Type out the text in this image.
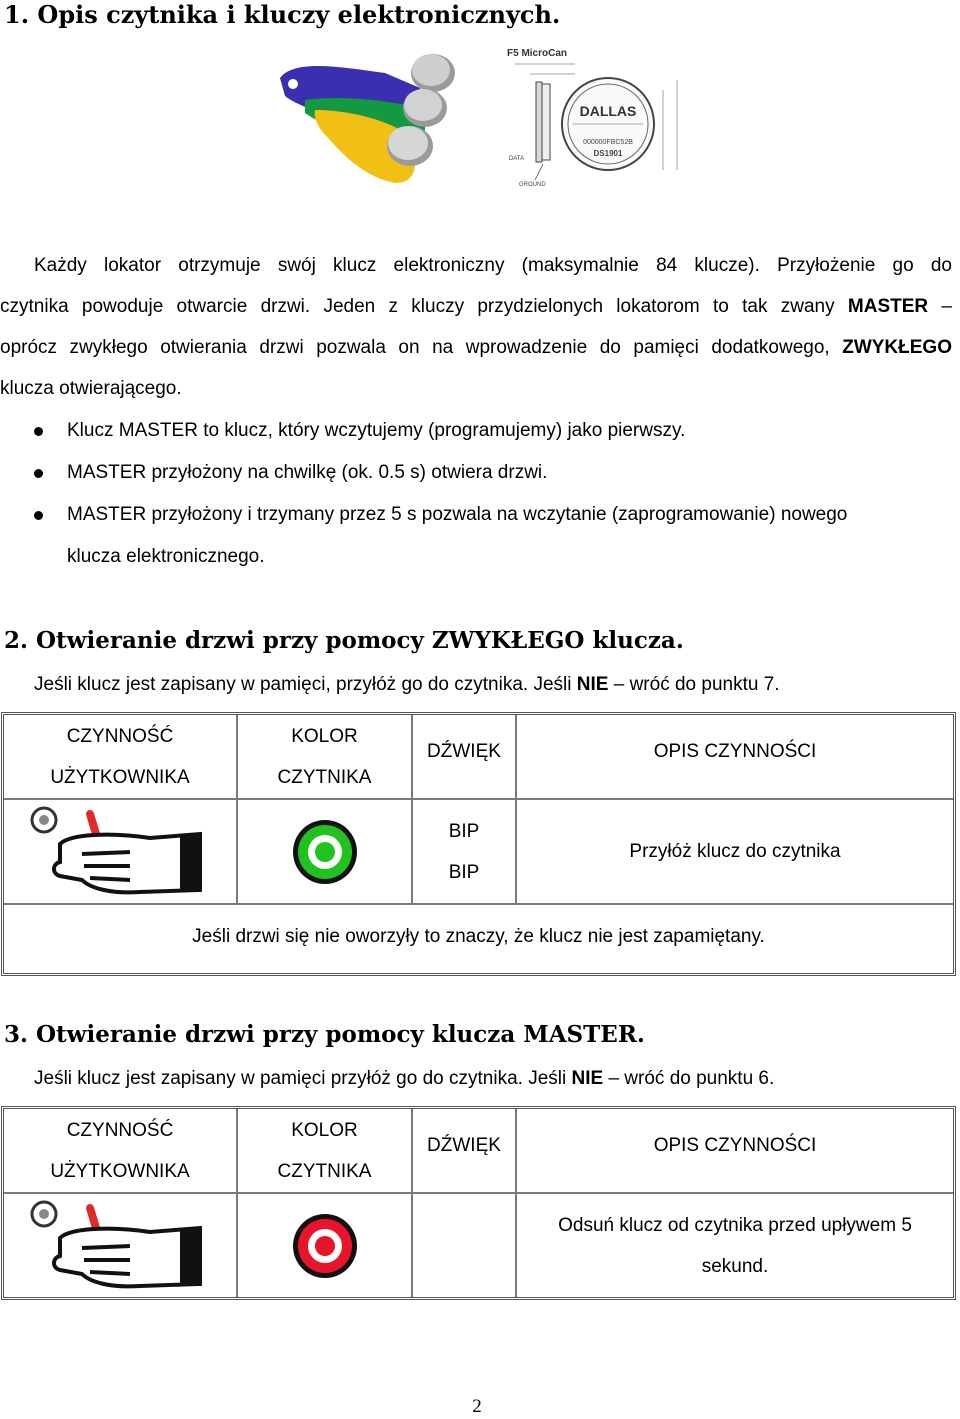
1. Opis czytnika i kluczy elektronicznych.
F5 MicroCan
DATA
GROUND
DALLAS
000000FBC52B
DS1901
Każdy lokator otrzymuje swój klucz elektroniczny (maksymalnie 84 klucze). Przyłożenie go do
czytnika powoduje otwarcie drzwi. Jeden z kluczy przydzielonych lokatorom to tak zwany MASTER –
oprócz zwykłego otwierania drzwi pozwala on na wprowadzenie do pamięci dodatkowego, ZWYKŁEGO
klucza otwierającego.
Klucz MASTER to klucz, który wczytujemy (programujemy) jako pierwszy.
MASTER przyłożony na chwilkę (ok. 0.5 s) otwiera drzwi.
MASTER przyłożony i trzymany przez 5 s pozwala na wczytanie (zaprogramowanie) nowego
klucza elektronicznego.
2. Otwieranie drzwi przy pomocy ZWYKŁEGO klucza.
Jeśli klucz jest zapisany w pamięci, przyłóż go do czytnika. Jeśli NIE – wróć do punktu 7.
CZYNNOŚĆ
UŻYTKOWNIKA
KOLOR
CZYTNIKA
DŹWIĘK	OPIS CZYNNOŚCI
BIP
BIP
Przyłóż klucz do czytnika
Jeśli drzwi się nie oworzyły to znaczy, że klucz nie jest zapamiętany.
3. Otwieranie drzwi przy pomocy klucza MASTER.
Jeśli klucz jest zapisany w pamięci przyłóż go do czytnika. Jeśli NIE – wróć do punktu 6.
CZYNNOŚĆ
UŻYTKOWNIKA
KOLOR
CZYTNIKA
DŹWIĘK	OPIS CZYNNOŚCI
Odsuń klucz od czytnika przed upływem 5
sekund.
2
